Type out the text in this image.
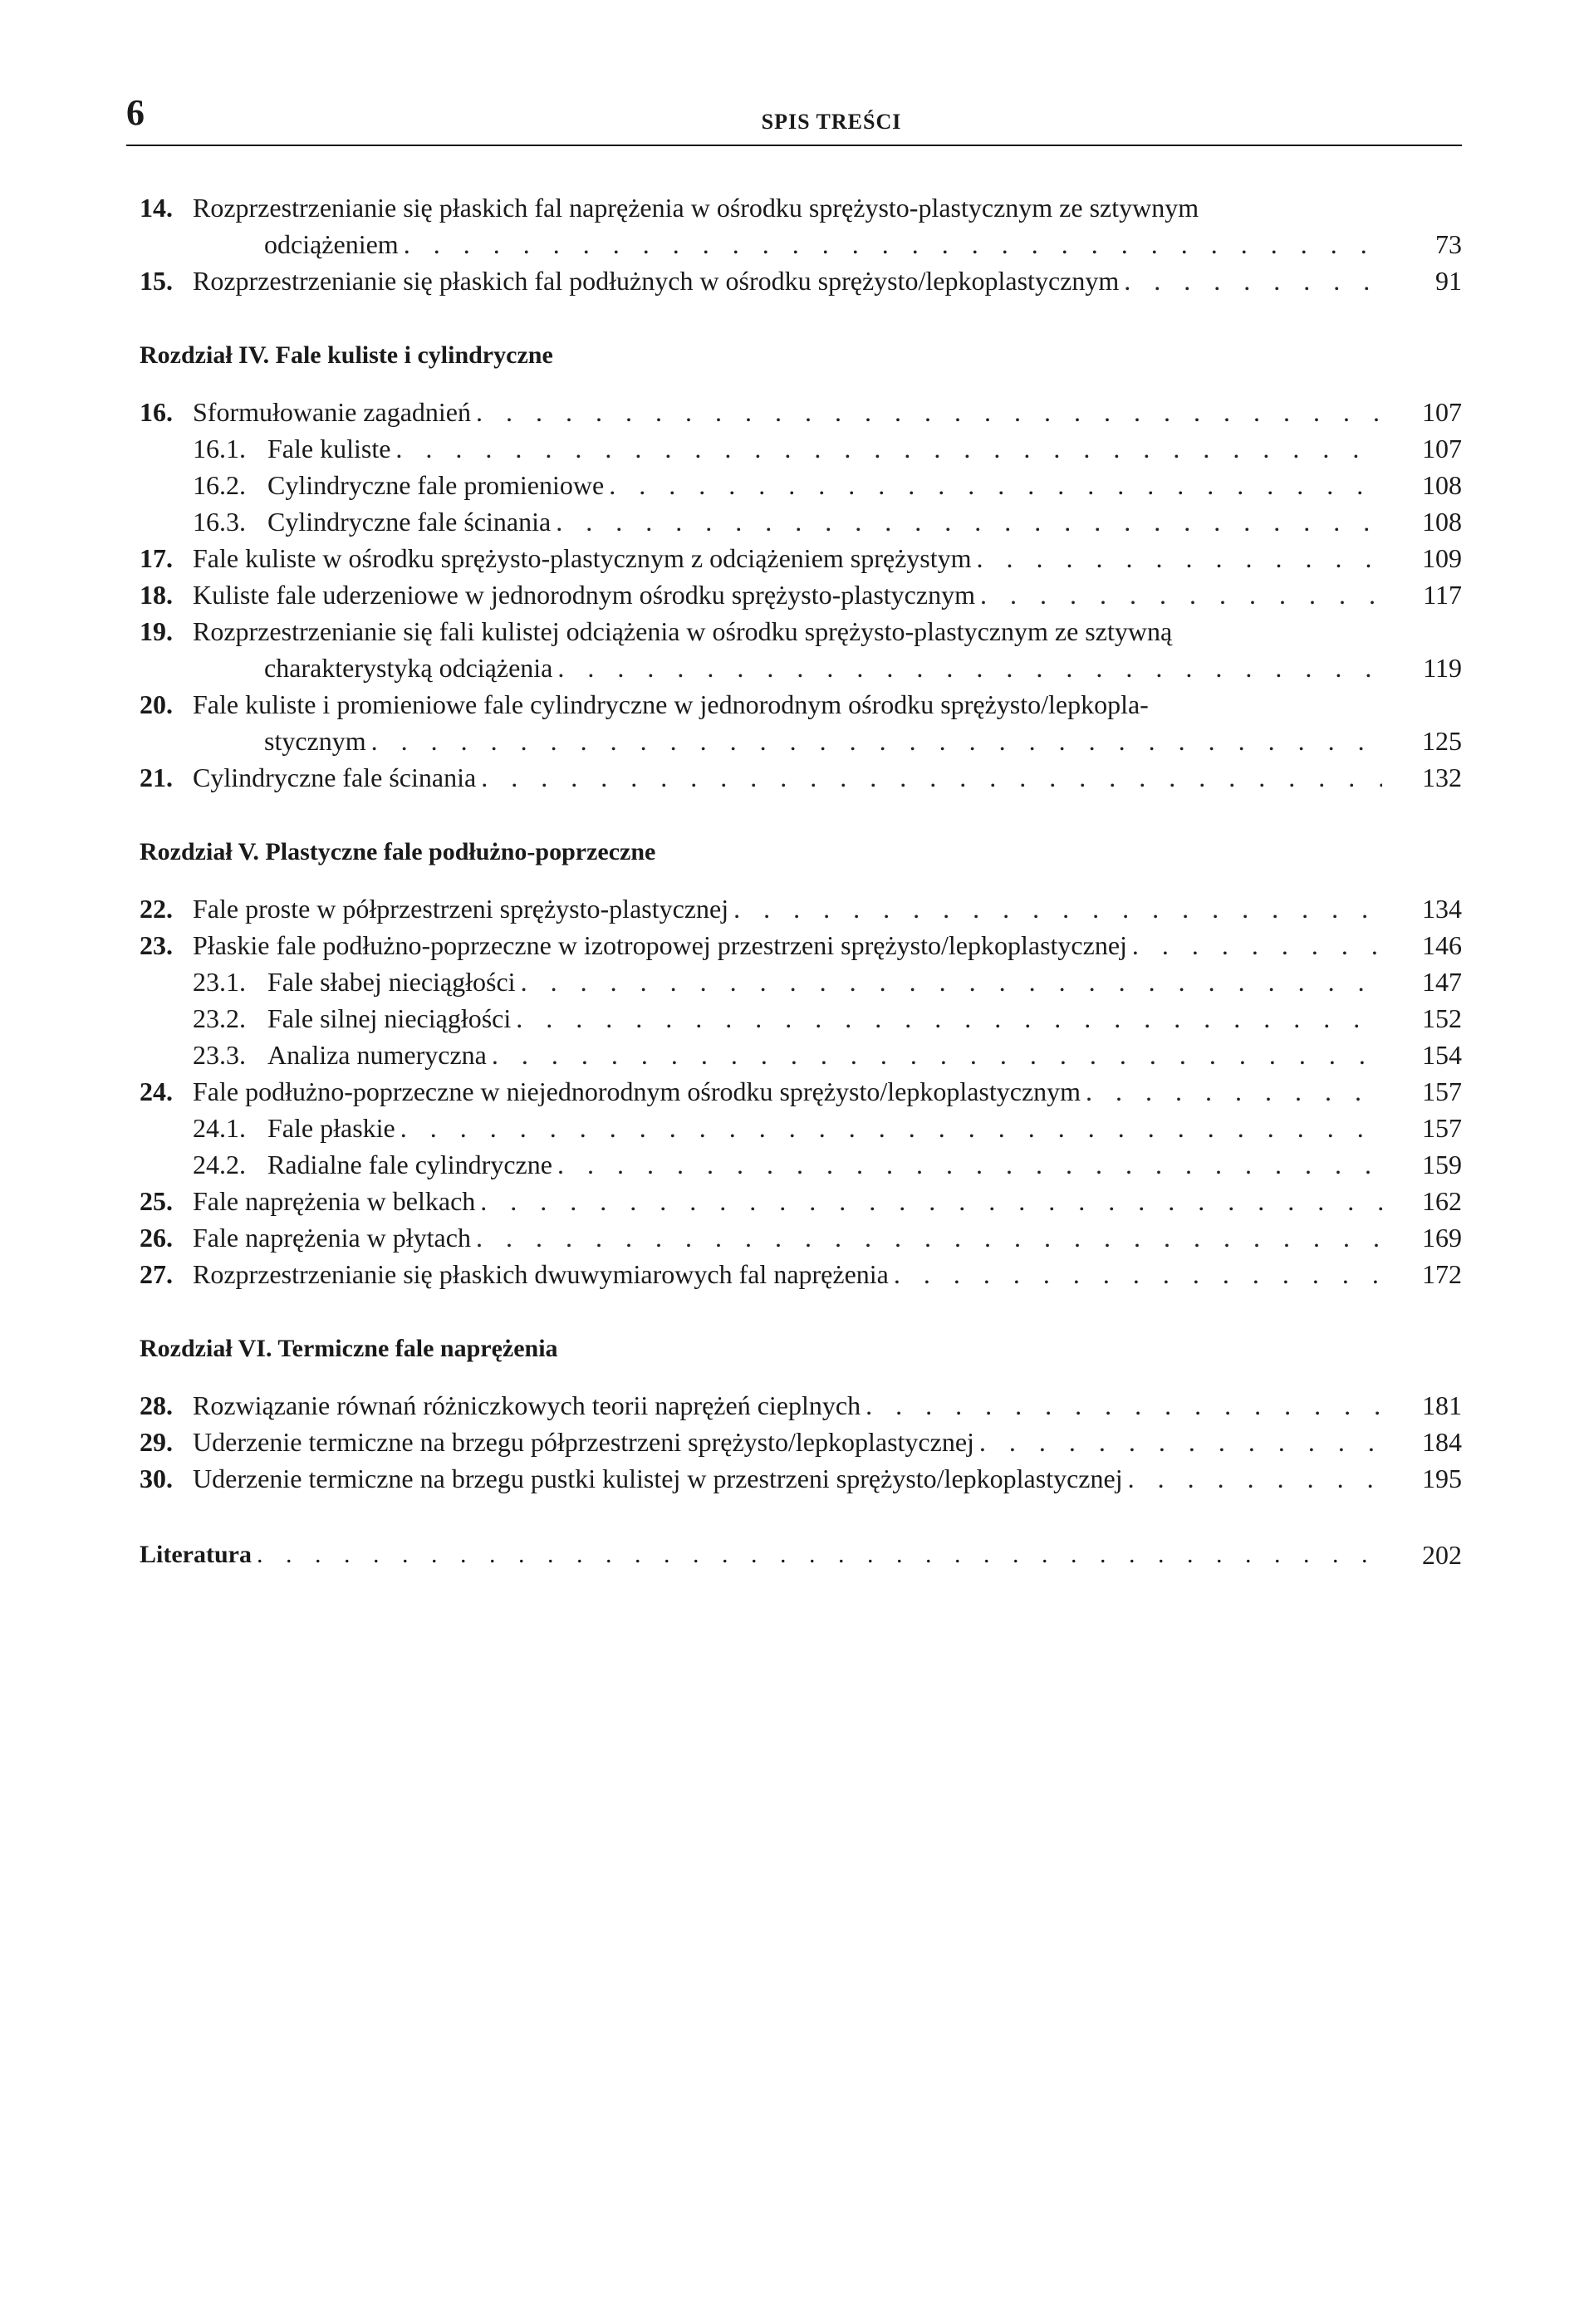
6	SPIS TREŚCI
14. Rozprzestrzenianie się płaskich fal naprężenia w ośrodku sprężysto-plastycznym ze sztywnym
odciążeniem . . .	73
15. Rozprzestrzenianie się płaskich fal podłużnych w ośrodku sprężysto/lepkoplastycznym . . .	91
Rozdział IV. Fale kuliste i cylindryczne
16. Sformułowanie zagadnień . . .	107
16.1. Fale kuliste . . .	107
16.2. Cylindryczne fale promieniowe . . .	108
16.3. Cylindryczne fale ścinania . . .	108
17. Fale kuliste w ośrodku sprężysto-plastycznym z odciążeniem sprężystym . . .	109
18. Kuliste fale uderzeniowe w jednorodnym ośrodku sprężysto-plastycznym . . .	117
19. Rozprzestrzenianie się fali kulistej odciążenia w ośrodku sprężysto-plastycznym ze sztywną
charakterystyką odciążenia . . .	119
20. Fale kuliste i promieniowe fale cylindryczne w jednorodnym ośrodku sprężysto/lepkopla-
stycznym . . .	125
21. Cylindryczne fale ścinania . . .	132
Rozdział V. Plastyczne fale podłużno-poprzeczne
22. Fale proste w półprzestrzeni sprężysto-plastycznej . . .	134
23. Płaskie fale podłużno-poprzeczne w izotropowej przestrzeni sprężysto/lepkoplastycznej . . .	146
23.1. Fale słabej nieciągłości . . .	147
23.2. Fale silnej nieciągłości . . .	152
23.3. Analiza numeryczna . . .	154
24. Fale podłużno-poprzeczne w niejednorodnym ośrodku sprężysto/lepkoplastycznym . . .	157
24.1. Fale płaskie . . .	157
24.2. Radialne fale cylindryczne . . .	159
25. Fale naprężenia w belkach . . .	162
26. Fale naprężenia w płytach . . .	169
27. Rozprzestrzenianie się płaskich dwuwymiarowych fal naprężenia . . .	172
Rozdział VI. Termiczne fale naprężenia
28. Rozwiązanie równań różniczkowych teorii naprężeń cieplnych . . .	181
29. Uderzenie termiczne na brzegu półprzestrzeni sprężysto/lepkoplastycznej . . .	184
30. Uderzenie termiczne na brzegu pustki kulistej w przestrzeni sprężysto/lepkoplastycznej . . .	195
Literatura . . .	202
